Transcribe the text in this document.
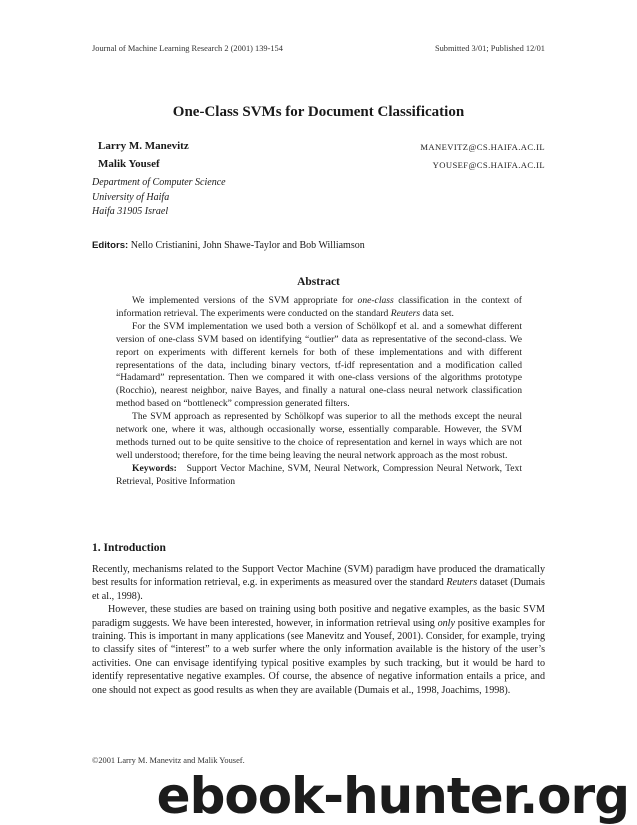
Journal of Machine Learning Research 2 (2001) 139-154	Submitted 3/01; Published 12/01
One-Class SVMs for Document Classification
Larry M. Manevitz	MANEVITZ@CS.HAIFA.AC.IL
Malik Yousef	YOUSEF@CS.HAIFA.AC.IL
Department of Computer Science
University of Haifa
Haifa 31905 Israel
Editors: Nello Cristianini, John Shawe-Taylor and Bob Williamson
Abstract

We implemented versions of the SVM appropriate for one-class classification in the context of information retrieval. The experiments were conducted on the standard Reuters data set.

For the SVM implementation we used both a version of Schölkopf et al. and a somewhat different version of one-class SVM based on identifying “outlier” data as representative of the second-class. We report on experiments with different kernels for both of these implementations and with different representations of the data, including binary vectors, tf-idf representation and a modification called “Hadamard” representation. Then we compared it with one-class versions of the algorithms prototype (Rocchio), nearest neighbor, naive Bayes, and finally a natural one-class neural network classification method based on “bottleneck” compression generated filters.

The SVM approach as represented by Schölkopf was superior to all the methods except the neural network one, where it was, although occasionally worse, essentially comparable. However, the SVM methods turned out to be quite sensitive to the choice of representation and kernel in ways which are not well understood; therefore, for the time being leaving the neural network approach as the most robust.

Keywords: Support Vector Machine, SVM, Neural Network, Compression Neural Network, Text Retrieval, Positive Information

1. Introduction

Recently, mechanisms related to the Support Vector Machine (SVM) paradigm have produced the dramatically best results for information retrieval, e.g. in experiments as measured over the standard Reuters dataset (Dumais et al., 1998).

However, these studies are based on training using both positive and negative examples, as the basic SVM paradigm suggests. We have been interested, however, in information retrieval using only positive examples for training. This is important in many applications (see Manevitz and Yousef, 2001). Consider, for example, trying to classify sites of “interest” to a web surfer where the only information available is the history of the user’s activities. One can envisage identifying typical positive examples by such tracking, but it would be hard to identify representative negative examples. Of course, the absence of negative information entails a price, and one should not expect as good results as when they are available (Dumais et al., 1998, Joachims, 1998).

©2001 Larry M. Manevitz and Malik Yousef.
ebook-hunter.org
